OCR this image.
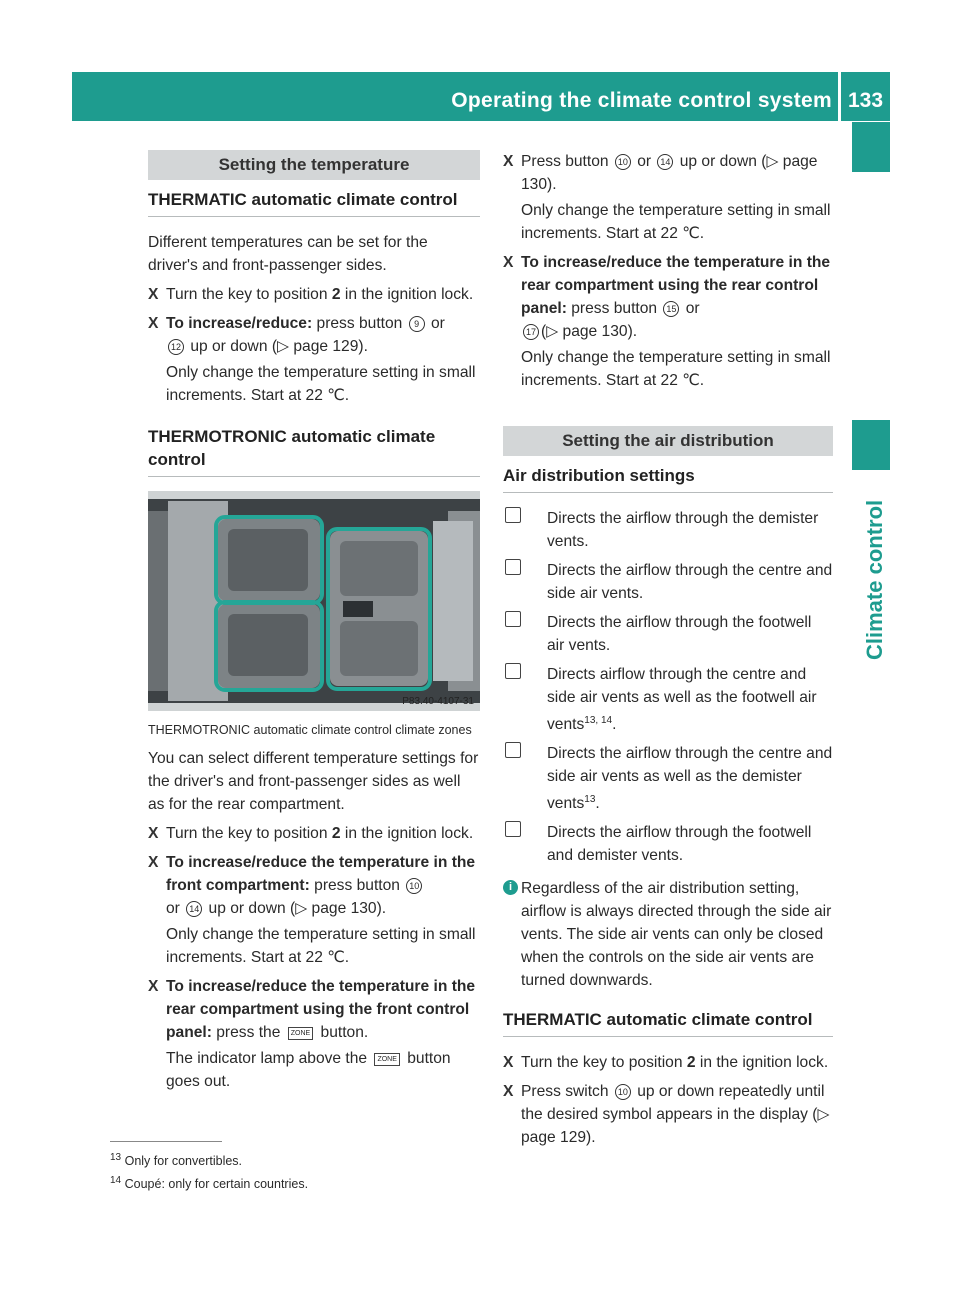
Operating the climate control system 133
Climate control
Setting the temperature
THERMATIC automatic climate control

Different temperatures can be set for the driver's and front-passenger sides.

X Turn the key to position 2 in the ignition lock.
X To increase/reduce: press button 9 or
12 up or down (▷ page 129).
Only change the temperature setting in small increments. Start at 22 ℃.
THERMOTRONIC automatic climate control
P83.40-4107-31
THERMOTRONIC automatic climate control climate zones

You can select different temperature settings for the driver's and front-passenger sides as well as for the rear compartment.

X Turn the key to position 2 in the ignition lock.
X To increase/reduce the temperature in the front compartment: press button 10
or 14 up or down (▷ page 130).
Only change the temperature setting in small increments. Start at 22 ℃.
X To increase/reduce the temperature in the rear compartment using the front control panel: press the ZONE button.
The indicator lamp above the ZONE button goes out.
X Press button 10 or 14 up or down (▷ page 130).
Only change the temperature setting in small increments. Start at 22 ℃.
X To increase/reduce the temperature in the rear compartment using the rear control panel: press button 15 or
17 (▷ page 130).
Only change the temperature setting in small increments. Start at 22 ℃.
Setting the air distribution
Air distribution settings
Directs the airflow through the demister vents.
Directs the airflow through the centre and side air vents.
Directs the airflow through the footwell air vents.
Directs airflow through the centre and side air vents as well as the footwell air vents$^{13, 14}$.
Directs the airflow through the centre and side air vents as well as the demister vents$^{13}$.
Directs the airflow through the footwell and demister vents.
i Regardless of the air distribution setting, airflow is always directed through the side air vents. The side air vents can only be closed when the controls on the side air vents are turned downwards.
THERMATIC automatic climate control
X Turn the key to position 2 in the ignition lock.
X Press switch 10 up or down repeatedly until the desired symbol appears in the display (▷ page 129).
$^{13}$ Only for convertibles.
$^{14}$ Coupé: only for certain countries.
